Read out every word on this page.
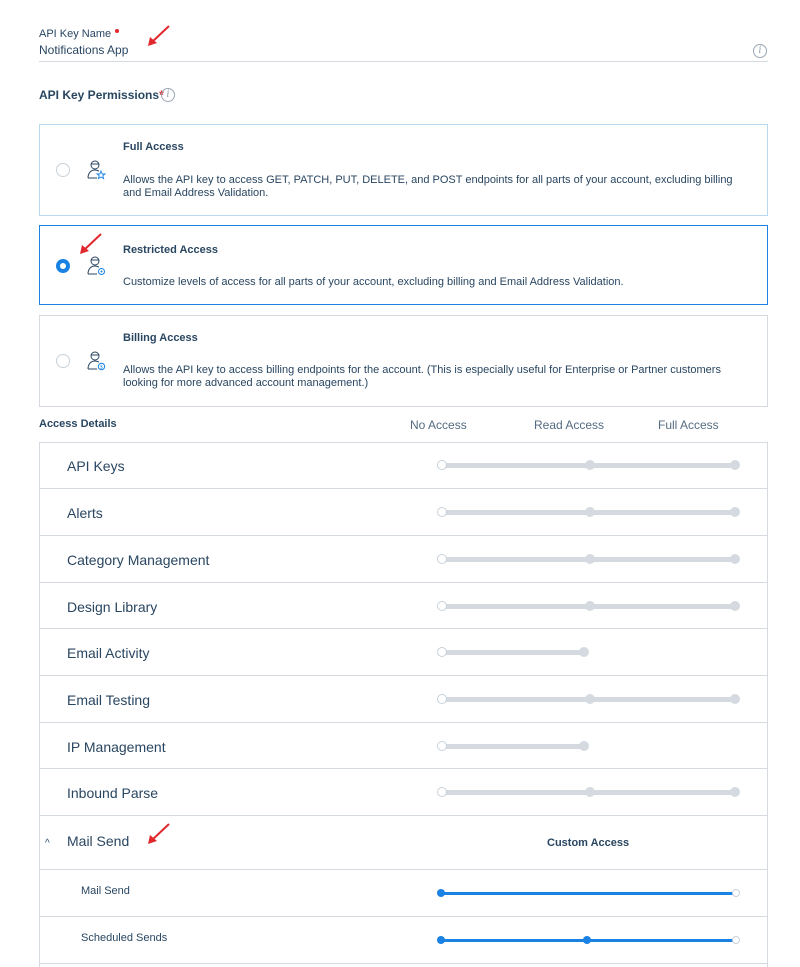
API Key Name
Notifications App	i
API Key Permissions* i
Full Access
Allows the API key to access GET, PATCH, PUT, DELETE, and POST endpoints for all parts of your account, excluding billing and Email Address Validation.
Restricted Access
Customize levels of access for all parts of your account, excluding billing and Email Address Validation.
$
Billing Access
Allows the API key to access billing endpoints for the account. (This is especially useful for Enterprise or Partner customers looking for more advanced account management.)
Access Details	No Access	Read Access	Full Access
API Keys
Alerts
Category Management
Design Library
Email Activity
Email Testing
IP Management
Inbound Parse
^ Mail Send	Custom Access
Mail Send
Scheduled Sends
